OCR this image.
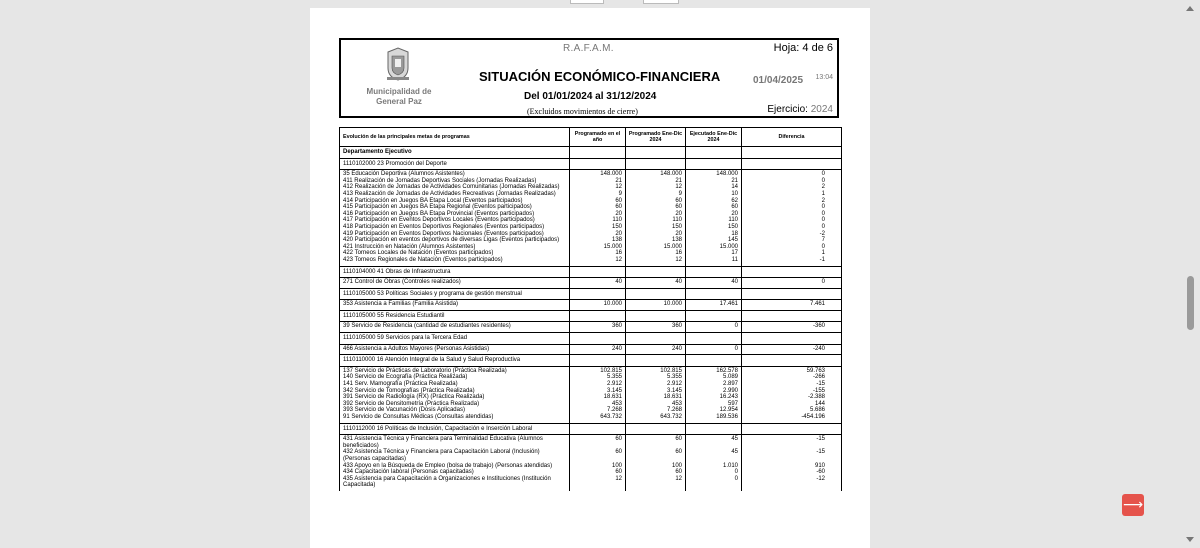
Municipalidad de
General Paz
R.A.F.A.M.	Hoja: 4 de 6
SITUACIÓN ECONÓMICO-FINANCIERA	01/04/2025 13:04
Del 01/01/2024 al 31/12/2024
(Excluidos movimientos de cierre)	Ejercicio: 2024
Evolución de las principales metas de programas	Programado en el año	Programado Ene-Dic 2024	Ejecutado Ene-Dic 2024	Diferencia
Departamento Ejecutivo				
1110102000 23 Promoción del Deporte				
35 Educación Deportiva (Alumnos Asistentes)	148.000	148.000	148.000	0
411 Realización de Jornadas Deportivas Sociales (Jornadas Realizadas)	21	21	21	0
412 Realización de Jornadas de Actividades Comunitarias (Jornadas Realizadas)	12	12	14	2
413 Realización de Jornadas de Actividades Recreativas (Jornadas Realizadas)	9	9	10	1
414 Participación en Juegos BA Etapa Local (Eventos participados)	60	60	62	2
415 Participación en Juegos BA Etapa Regional (Eventos participados)	60	60	60	0
416 Participación en Juegos BA Etapa Provincial (Eventos participados)	20	20	20	0
417 Participación en Eventos Deportivos Locales (Eventos participados)	110	110	110	0
418 Participación en Eventos Deportivos Regionales (Eventos participados)	150	150	150	0
419 Participación en Eventos Deportivos Nacionales (Eventos participados)	20	20	18	-2
420 Participación en eventos deportivos de diversas Ligas (Eventos participados)	138	138	145	7
421 Instrucción en Natación (Alumnos Asistentes)	15.000	15.000	15.000	0
422 Torneos Locales de Natación (Eventos participados)	16	16	17	1
423 Torneos Regionales de Natación (Eventos participados)	12	12	11	-1
1110104000 41 Obras de Infraestructura				
271 Control de Obras (Controles realizados)	40	40	40	0
1110105000 53 Políticas Sociales y programa de gestión menstrual				
353 Asistencia a Familias (Familia Asistida)	10.000	10.000	17.461	7.461
1110105000 55 Residencia Estudiantil				
39 Servicio de Residencia (cantidad de estudiantes residentes)	360	360	0	-360
1110105000 59 Servicios para la Tercera Edad				
466 Asistencia a Adultos Mayores (Personas Asistidas)	240	240	0	-240
1110110000 16 Atención Integral de la Salud y Salud Reproductiva				
137 Servicio de Prácticas de Laboratorio (Práctica Realizada)	102.815	102.815	162.578	59.763
140 Servicio de Ecografía (Práctica Realizada)	5.355	5.355	5.089	-266
141 Serv. Mamografía (Práctica Realizada)	2.912	2.912	2.897	-15
342 Servicio de Tomografías (Práctica Realizada)	3.145	3.145	2.990	-155
391 Servicio de Radiología (RX) (Práctica Realizada)	18.631	18.631	16.243	-2.388
392 Servicio de Densitometría (Práctica Realizada)	453	453	597	144
393 Servicio de Vacunación (Dosis Aplicadas)	7.268	7.268	12.954	5.686
91 Servicio de Consultas Médicas (Consultas atendidas)	643.732	643.732	189.536	-454.196
1110112000 16 Políticas de Inclusión, Capacitación e Inserción Laboral				
431 Asistencia Técnica y Financiera para Terminalidad Educativa (Alumnos beneficiados)	60	60	45	-15
432 Asistencia Técnica y Financiera para Capacitación Laboral (Inclusión) (Personas capacitadas)	60	60	45	-15
433 Apoyo en la Búsqueda de Empleo (bolsa de trabajo) (Personas atendidas)	100	100	1.010	910
434 Capacitación laboral (Personas capacitadas)	60	60	0	-60
435 Asistencia para Capacitación a Organizaciones e Instituciones (Institución Capacitada)	12	12	0	-12
⟶
